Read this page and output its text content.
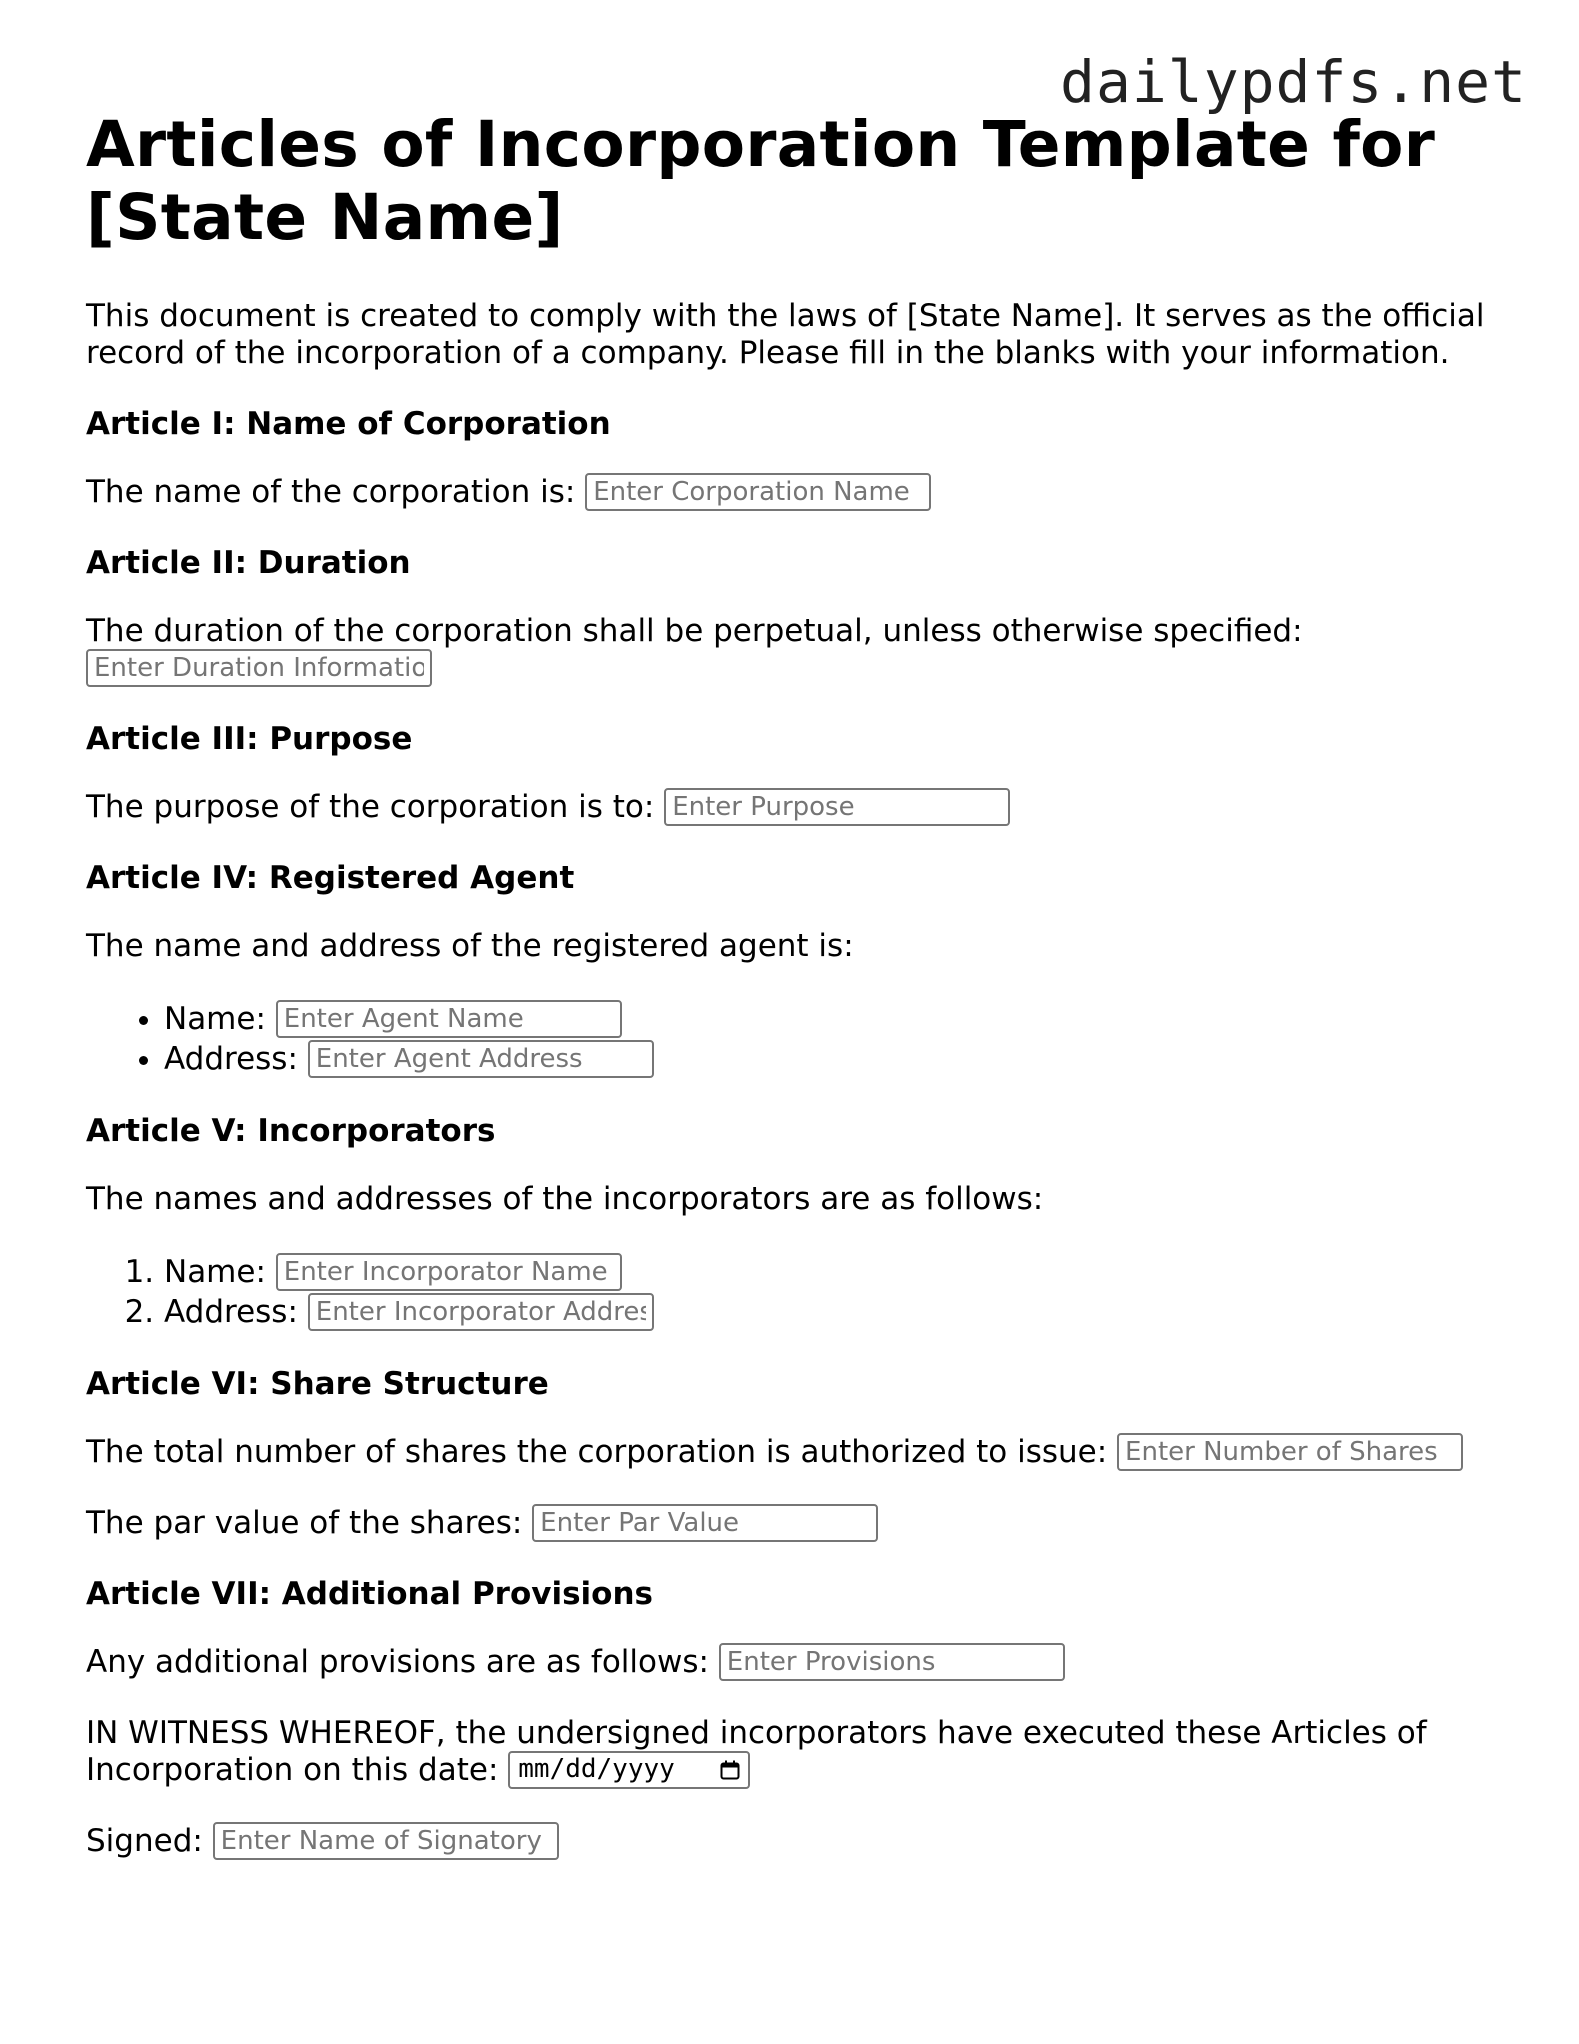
dailypdfs.net
Articles of Incorporation Template for [State Name]

This document is created to comply with the laws of [State Name]. It serves as the official record of the incorporation of a company. Please fill in the blanks with your information.

Article I: Name of Corporation

The name of the corporation is: Enter Corporation Name

Article II: Duration

The duration of the corporation shall be perpetual, unless otherwise specified: Enter Duration Information

Article III: Purpose

The purpose of the corporation is to: Enter Purpose

Article IV: Registered Agent

The name and address of the registered agent is:

• Name: Enter Agent Name
• Address: Enter Agent Address
Article V: Incorporators

The names and addresses of the incorporators are as follows:

1. Name: Enter Incorporator Name
2. Address: Enter Incorporator Address
Article VI: Share Structure

The total number of shares the corporation is authorized to issue: Enter Number of Shares

The par value of the shares: Enter Par Value

Article VII: Additional Provisions

Any additional provisions are as follows: Enter Provisions

IN WITNESS WHEREOF, the undersigned incorporators have executed these Articles of Incorporation on this date: mm/dd/yyyy

Signed: Enter Name of Signatory
